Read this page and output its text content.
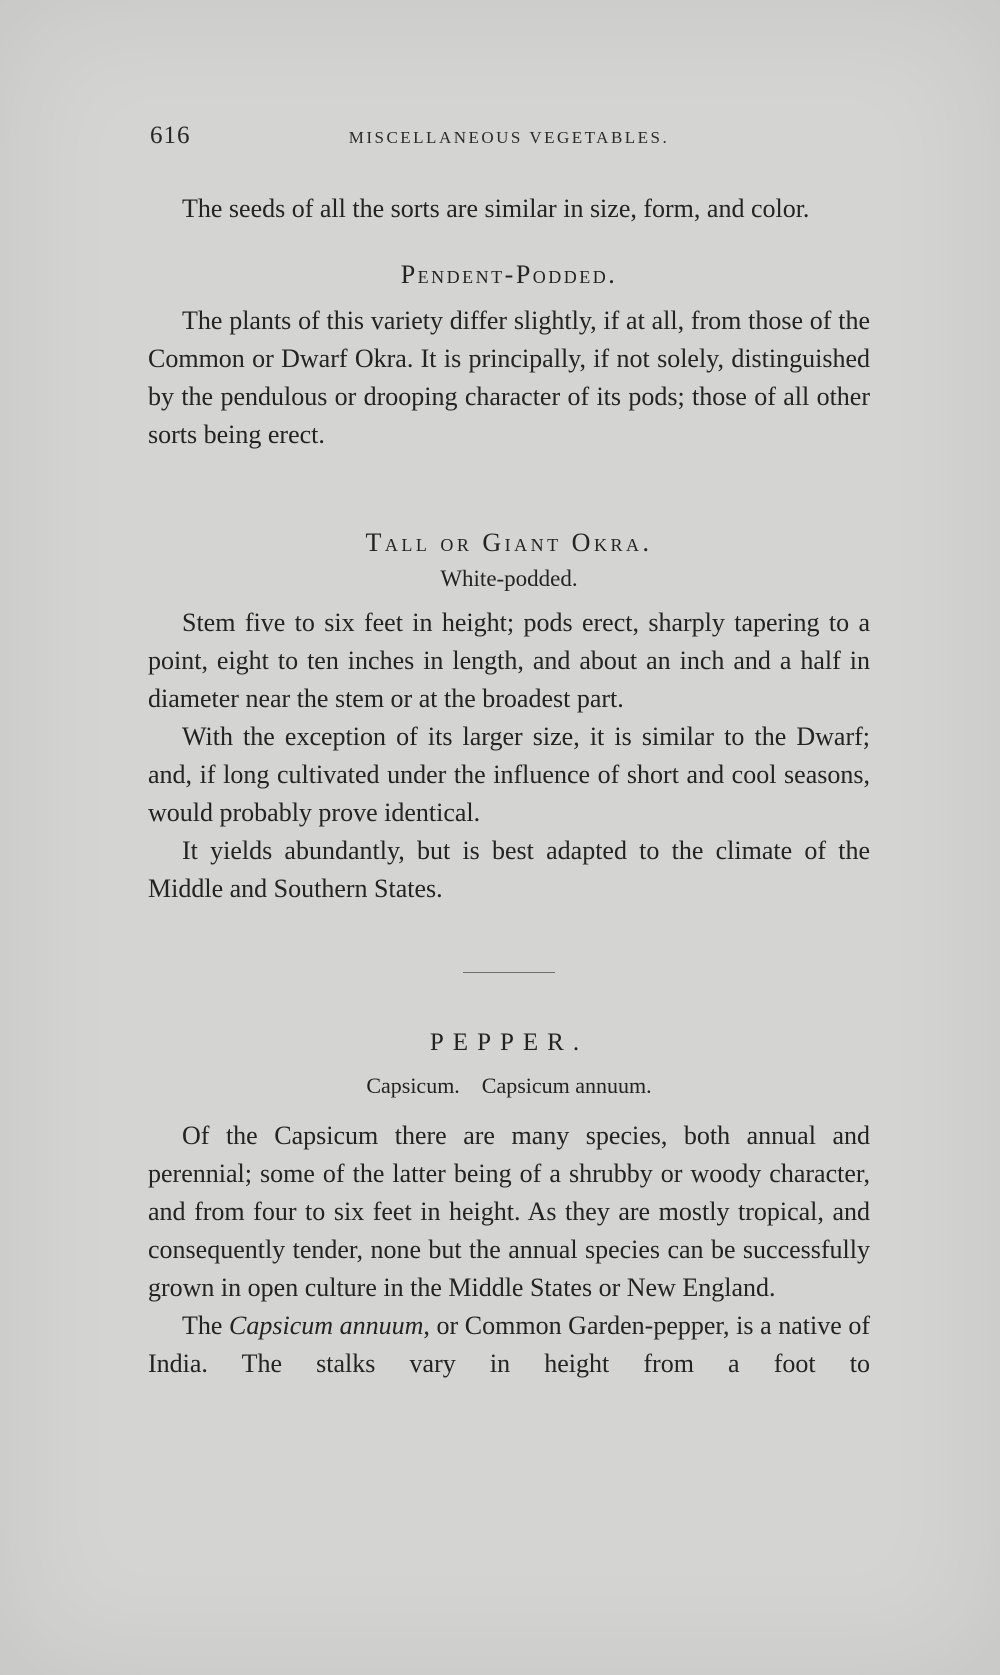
616	MISCELLANEOUS VEGETABLES.

The seeds of all the sorts are similar in size, form, and color.

Pendent-Podded.

The plants of this variety differ slightly, if at all, from those of the Common or Dwarf Okra. It is principally, if not solely, distinguished by the pendulous or drooping character of its pods; those of all other sorts being erect.

Tall or Giant Okra.
White-podded.

Stem five to six feet in height; pods erect, sharply tapering to a point, eight to ten inches in length, and about an inch and a half in diameter near the stem or at the broadest part.

With the exception of its larger size, it is similar to the Dwarf; and, if long cultivated under the influence of short and cool seasons, would probably prove identical.

It yields abundantly, but is best adapted to the climate of the Middle and Southern States.

PEPPER.
Capsicum. Capsicum annuum.

Of the Capsicum there are many species, both annual and perennial; some of the latter being of a shrubby or woody character, and from four to six feet in height. As they are mostly tropical, and consequently tender, none but the annual species can be successfully grown in open culture in the Middle States or New England.

The Capsicum annuum, or Common Garden-pepper, is a native of India. The stalks vary in height from a foot to
